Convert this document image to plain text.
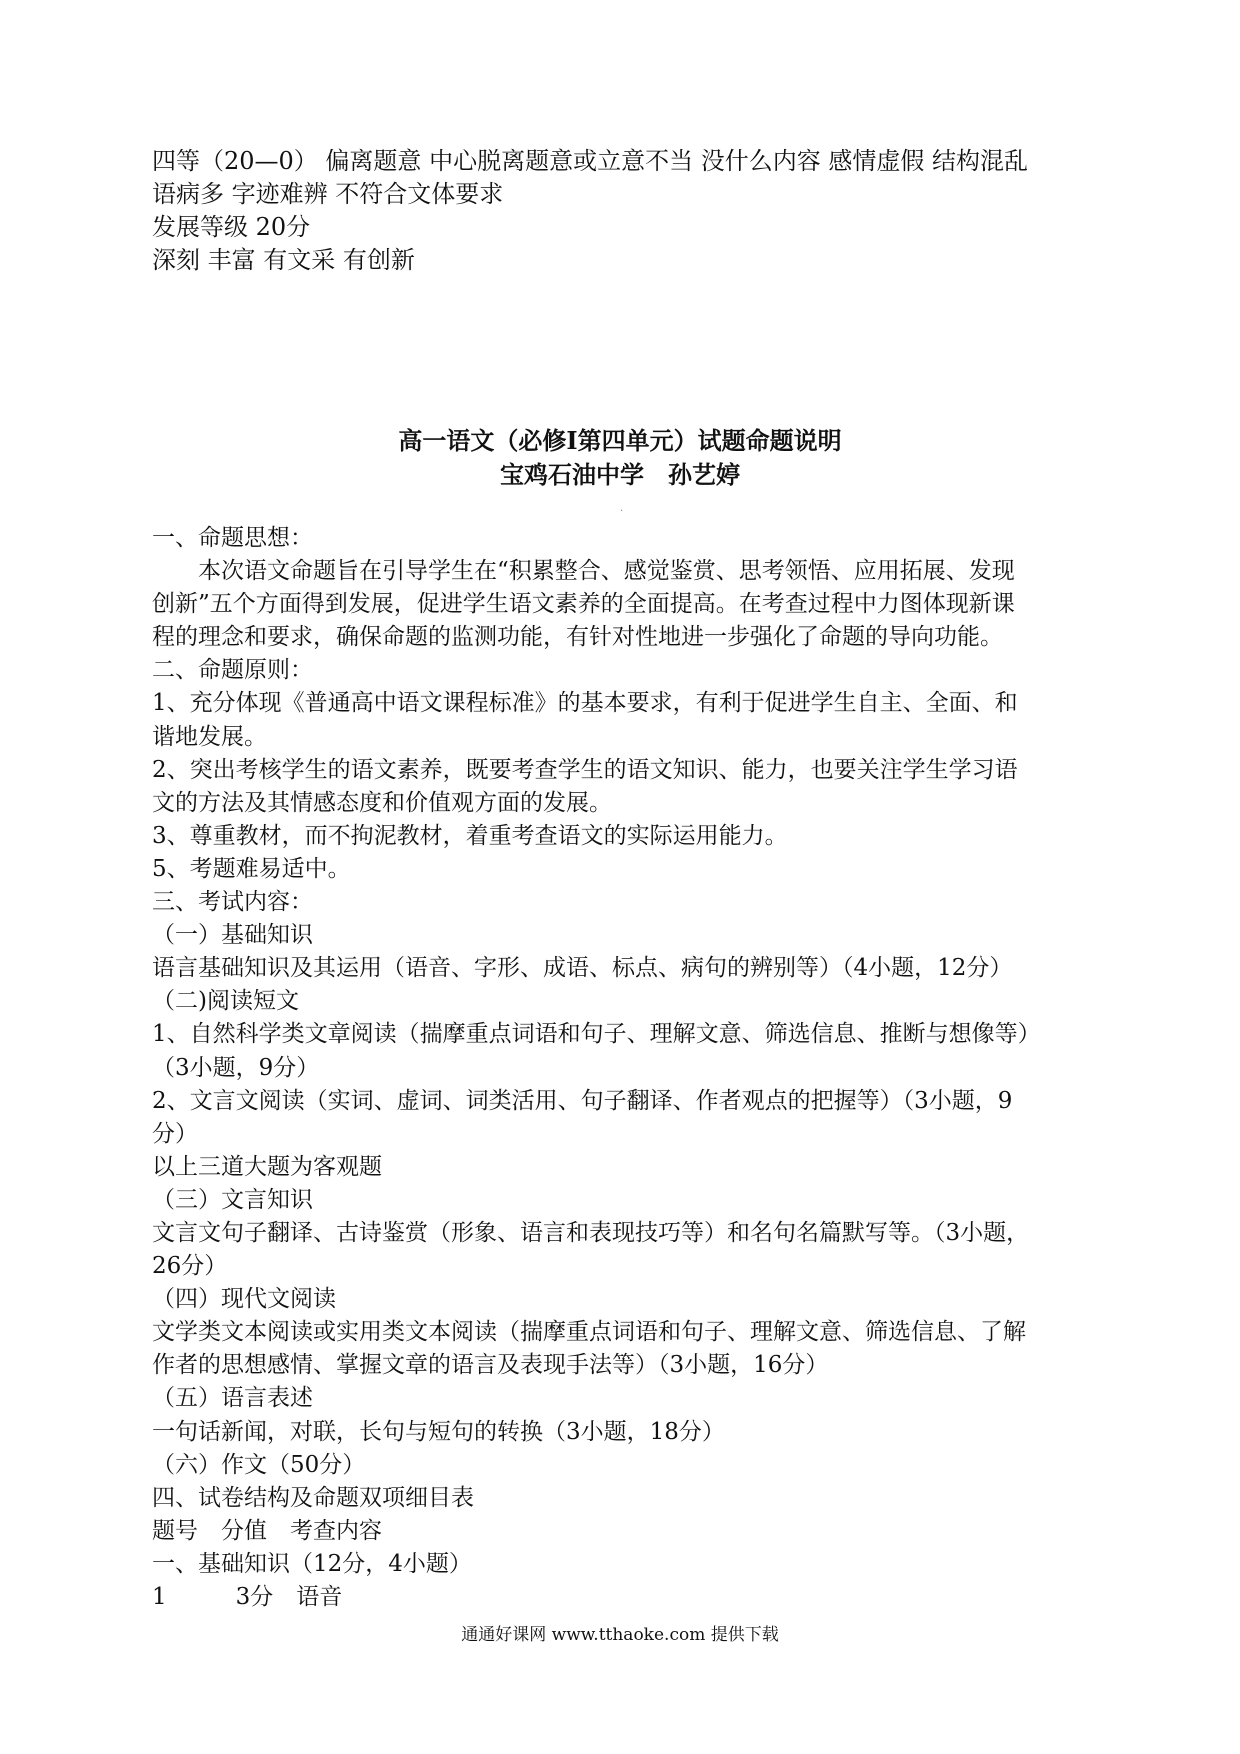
四等（20—0） 偏离题意 中心脱离题意或立意不当 没什么内容 感情虚假 结构混乱
语病多 字迹难辨 不符合文体要求
发展等级 20分
深刻 丰富 有文采 有创新
高一语文（必修Ⅰ第四单元）试题命题说明
宝鸡石油中学　孙艺婷
·
一、命题思想：
本次语文命题旨在引导学生在“积累整合、感觉鉴赏、思考领悟、应用拓展、发现
创新”五个方面得到发展，促进学生语文素养的全面提高。在考查过程中力图体现新课
程的理念和要求，确保命题的监测功能，有针对性地进一步强化了命题的导向功能。
二、命题原则：
1、充分体现《普通高中语文课程标准》的基本要求，有利于促进学生自主、全面、和
谐地发展。
2、突出考核学生的语文素养，既要考查学生的语文知识、能力，也要关注学生学习语
文的方法及其情感态度和价值观方面的发展。
3、尊重教材，而不拘泥教材，着重考查语文的实际运用能力。
5、考题难易适中。
三、考试内容：
（一）基础知识
语言基础知识及其运用（语音、字形、成语、标点、病句的辨别等）（4小题，12分）
（二)阅读短文
1、自然科学类文章阅读（揣摩重点词语和句子、理解文意、筛选信息、推断与想像等）
（3小题，9分）
2、文言文阅读（实词、虚词、词类活用、句子翻译、作者观点的把握等）（3小题，9
分）
以上三道大题为客观题
（三）文言知识
文言文句子翻译、古诗鉴赏（形象、语言和表现技巧等）和名句名篇默写等。（3小题，
26分）
（四）现代文阅读
文学类文本阅读或实用类文本阅读（揣摩重点词语和句子、理解文意、筛选信息、了解
作者的思想感情、掌握文章的语言及表现手法等）（3小题，16分）
（五）语言表述
一句话新闻，对联，长句与短句的转换（3小题，18分）
（六）作文（50分）
四、试卷结构及命题双项细目表
题号　分值　考查内容
一、基础知识（12分，4小题）
1　　　3分　语音
通通好课网 www.tthaoke.com 提供下载
